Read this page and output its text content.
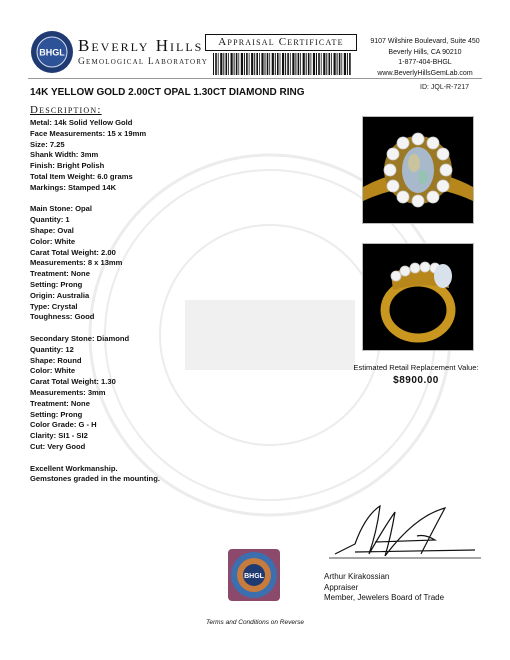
BHGL Beverly Hills
Gemological Laboratory
Appraisal Certificate	9107 Wilshire Boulevard, Suite 450
Beverly Hills, CA 90210
1-877-404-BHGL
www.BeverlyHillsGemLab.com
14K YELLOW GOLD 2.00CT OPAL 1.30CT DIAMOND RING	ID: JQL-R-7217
Description:
Metal: 14k Solid Yellow Gold
Face Measurements: 15 x 19mm
Size: 7.25
Shank Width: 3mm
Finish: Bright Polish
Total Item Weight: 6.0 grams
Markings: Stamped 14K
Main Stone: Opal
Quantity: 1
Shape: Oval
Color: White
Carat Total Weight: 2.00
Measurements: 8 x 13mm
Treatment: None
Setting: Prong
Origin: Australia
Type: Crystal
Toughness: Good
Secondary Stone: Diamond
Quantity: 12
Shape: Round
Color: White
Carat Total Weight: 1.30
Measurements: 3mm
Treatment: None
Setting: Prong
Color Grade: G - H
Clarity: SI1 - SI2
Cut: Very Good
Excellent Workmanship.
Gemstones graded in the mounting.
Estimated Retail Replacement Value:
$8900.00
Arthur Kirakossian
Appraiser
Member, Jewelers Board of Trade
BHGL
Terms and Conditions on Reverse
